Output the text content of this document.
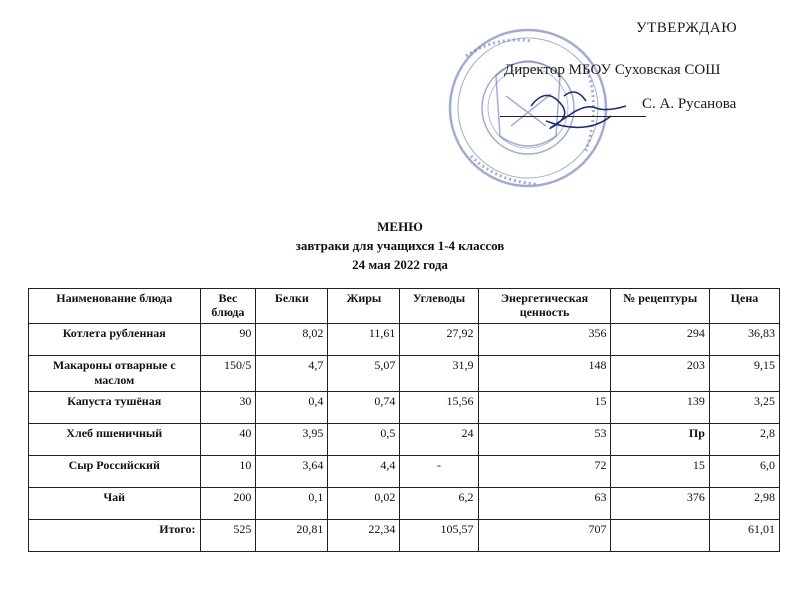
УТВЕРЖДАЮ
Директор МБОУ Суховская СОШ
С. А. Русанова
МЕНЮ
завтраки для учащихся 1-4 классов
24 мая 2022 года
Наименование блюда	Вес блюда	Белки	Жиры	Углеводы	Энергетическая ценность	№ рецептуры	Цена
Котлета рубленная	90	8,02	11,61	27,92	356	294	36,83
Макароны отварные с маслом	150/5	4,7	5,07	31,9	148	203	9,15
Капуста тушёная	30	0,4	0,74	15,56	15	139	3,25
Хлеб пшеничный	40	3,95	0,5	24	53	Пр	2,8
Сыр Российский	10	3,64	4,4	-	72	15	6,0
Чай	200	0,1	0,02	6,2	63	376	2,98
Итого:	525	20,81	22,34	105,57	707		61,01
